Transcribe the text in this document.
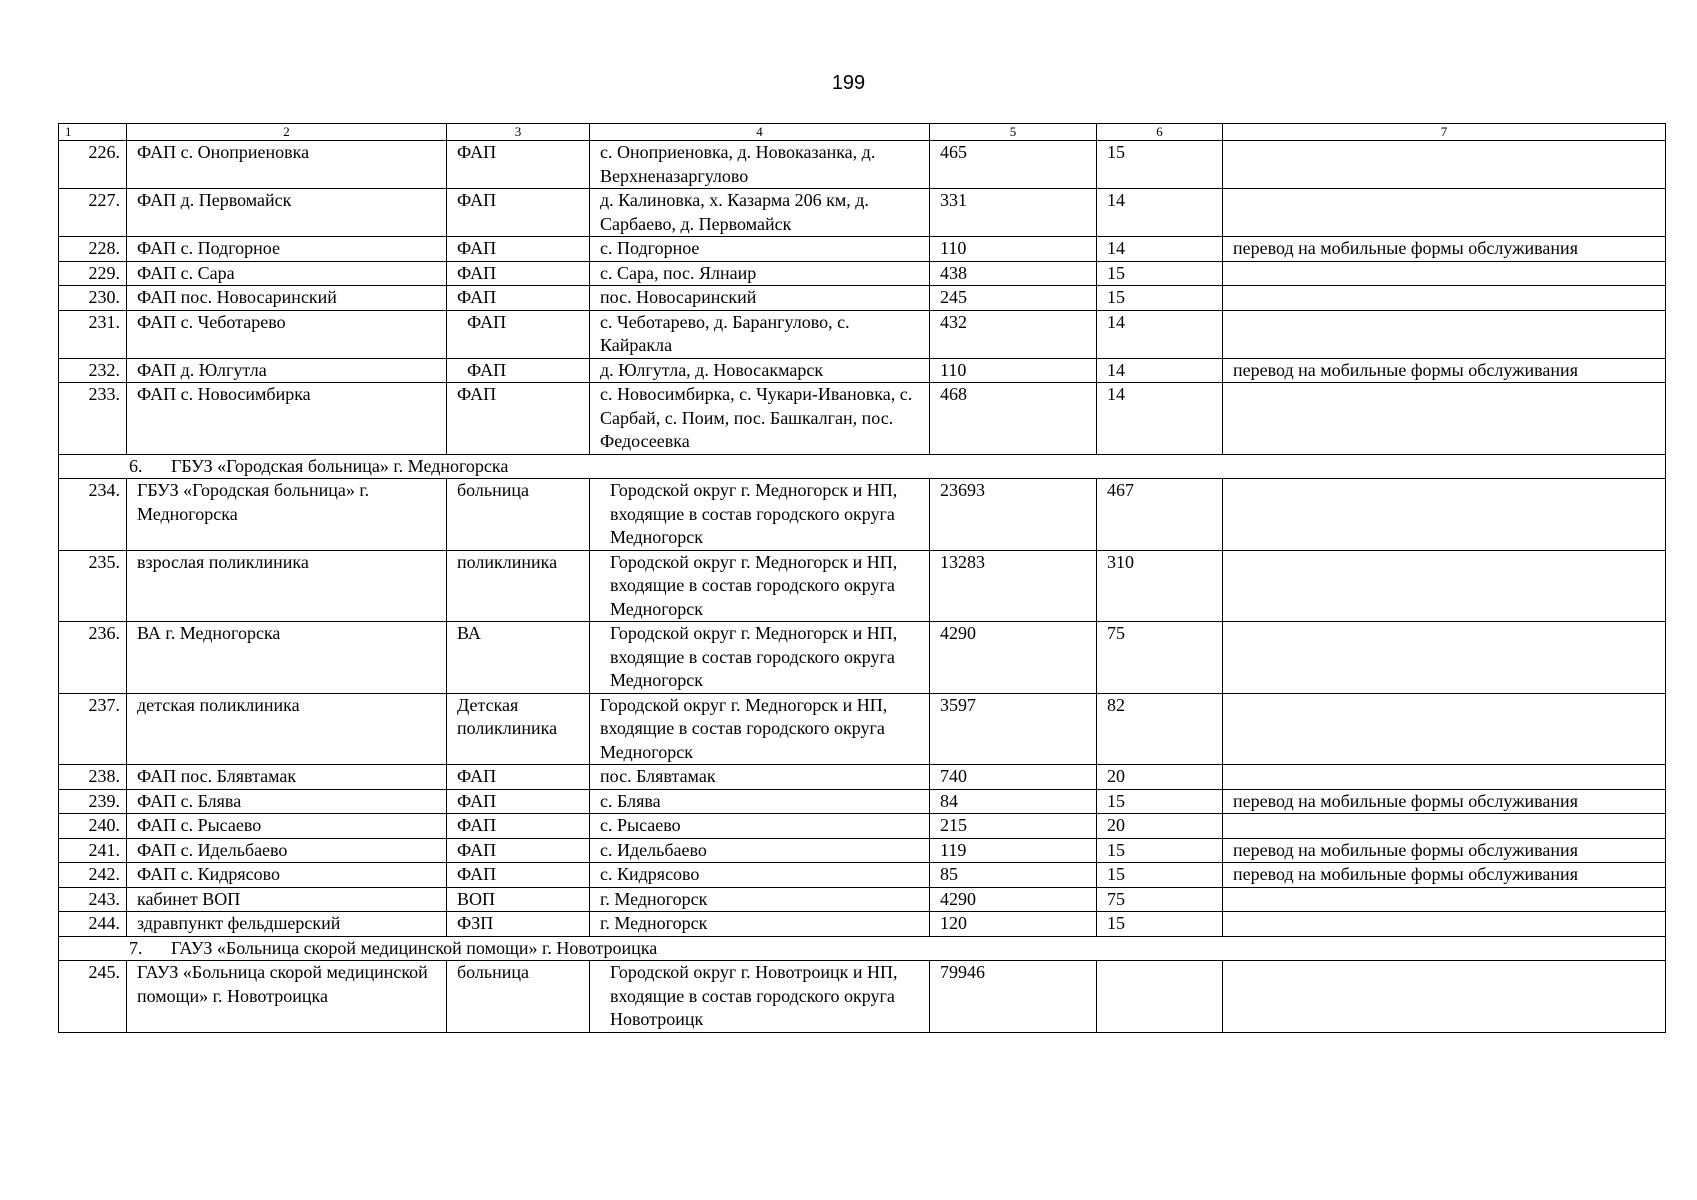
199
1	2	3	4	5	6	7
226.	ФАП с. Оноприеновка	ФАП	с. Оноприеновка, д. Новоказанка, д. Верхненазаргулово	465	15	
227.	ФАП д. Первомайск	ФАП	д. Калиновка, х. Казарма 206 км, д. Сарбаево, д. Первомайск	331	14	
228.	ФАП с. Подгорное	ФАП	с. Подгорное	110	14	перевод на мобильные формы обслуживания
229.	ФАП с. Сара	ФАП	с. Сара, пос. Ялнаир	438	15	
230.	ФАП пос. Новосаринский	ФАП	пос. Новосаринский	245	15	
231.	ФАП с. Чеботарево	ФАП	с. Чеботарево, д. Барангулово, с. Кайракла	432	14	
232.	ФАП д. Юлгутла	ФАП	д. Юлгутла, д. Новосакмарск	110	14	перевод на мобильные формы обслуживания
233.	ФАП с. Новосимбирка	ФАП	с. Новосимбирка, с. Чукари-Ивановка, с. Сарбай, с. Поим, пос. Башкалган, пос. Федосеевка	468	14	
6. ГБУЗ «Городская больница» г. Медногорска						
234.	ГБУЗ «Городская больница» г. Медногорска	больница	Городской округ г. Медногорск и НП, входящие в состав городского округа Медногорск	23693	467	
235.	взрослая поликлиника	поликлиника	Городской округ г. Медногорск и НП, входящие в состав городского округа Медногорск	13283	310	
236.	ВА г. Медногорска	ВА	Городской округ г. Медногорск и НП, входящие в состав городского округа Медногорск	4290	75	
237.	детская поликлиника	Детская поликлиника	Городской округ г. Медногорск и НП, входящие в состав городского округа Медногорск	3597	82	
238.	ФАП пос. Блявтамак	ФАП	пос. Блявтамак	740	20	
239.	ФАП с. Блява	ФАП	с. Блява	84	15	перевод на мобильные формы обслуживания
240.	ФАП с. Рысаево	ФАП	с. Рысаево	215	20	
241.	ФАП с. Идельбаево	ФАП	с. Идельбаево	119	15	перевод на мобильные формы обслуживания
242.	ФАП с. Кидрясово	ФАП	с. Кидрясово	85	15	перевод на мобильные формы обслуживания
243.	кабинет ВОП	ВОП	г. Медногорск	4290	75	
244.	здравпункт фельдшерский	ФЗП	г. Медногорск	120	15	
7. ГАУЗ «Больница скорой медицинской помощи» г. Новотроицка						
245.	ГАУЗ «Больница скорой медицинской помощи» г. Новотроицка	больница	Городской округ г. Новотроицк и НП, входящие в состав городского округа Новотроицк	79946		
